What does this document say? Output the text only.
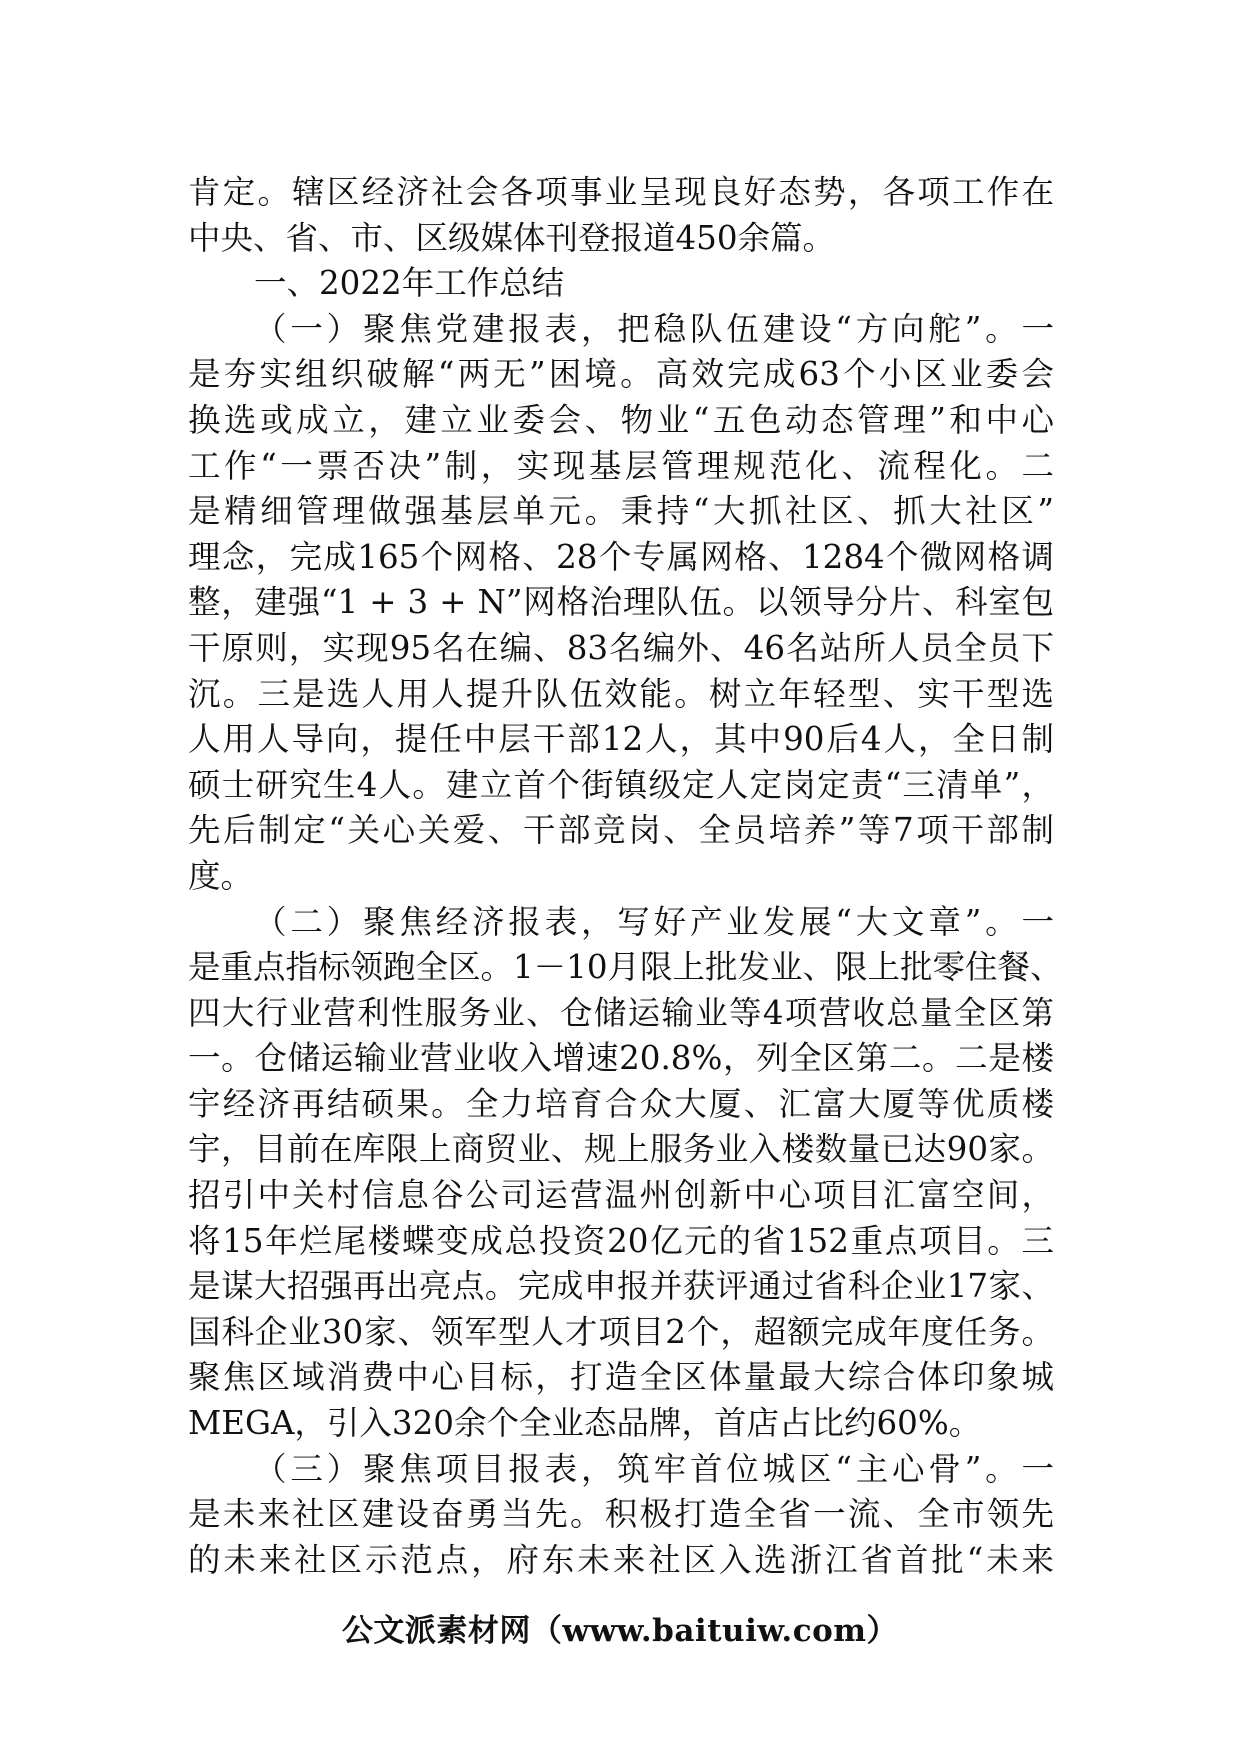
肯定。辖区经济社会各项事业呈现良好态势，各项工作在
中央、省、市、区级媒体刊登报道450余篇。
一、2022年工作总结
（一）聚焦党建报表，把稳队伍建设“方向舵”。一
是夯实组织破解“两无”困境。高效完成63个小区业委会
换选或成立，建立业委会、物业“五色动态管理”和中心
工作“一票否决”制，实现基层管理规范化、流程化。二
是精细管理做强基层单元。秉持“大抓社区、抓大社区”
理念，完成165个网格、28个专属网格、1284个微网格调
整，建强“1 + 3 + N”网格治理队伍。以领导分片、科室包
干原则，实现95名在编、83名编外、46名站所人员全员下
沉。三是选人用人提升队伍效能。树立年轻型、实干型选
人用人导向，提任中层干部12人，其中90后4人，全日制
硕士研究生4人。建立首个街镇级定人定岗定责“三清单”，
先后制定“关心关爱、干部竞岗、全员培养”等7项干部制
度。
（二）聚焦经济报表，写好产业发展“大文章”。一
是重点指标领跑全区。1－10月限上批发业、限上批零住餐、
四大行业营利性服务业、仓储运输业等4项营收总量全区第
一。仓储运输业营业收入增速20.8%，列全区第二。二是楼
宇经济再结硕果。全力培育合众大厦、汇富大厦等优质楼
宇，目前在库限上商贸业、规上服务业入楼数量已达90家。
招引中关村信息谷公司运营温州创新中心项目汇富空间，
将15年烂尾楼蝶变成总投资20亿元的省152重点项目。三
是谋大招强再出亮点。完成申报并获评通过省科企业17家、
国科企业30家、领军型人才项目2个，超额完成年度任务。
聚焦区域消费中心目标，打造全区体量最大综合体印象城
MEGA，引入320余个全业态品牌，首店占比约60%。
（三）聚焦项目报表，筑牢首位城区“主心骨”。一
是未来社区建设奋勇当先。积极打造全省一流、全市领先
的未来社区示范点，府东未来社区入选浙江省首批“未来
公文派素材网（www.baituiw.com）
